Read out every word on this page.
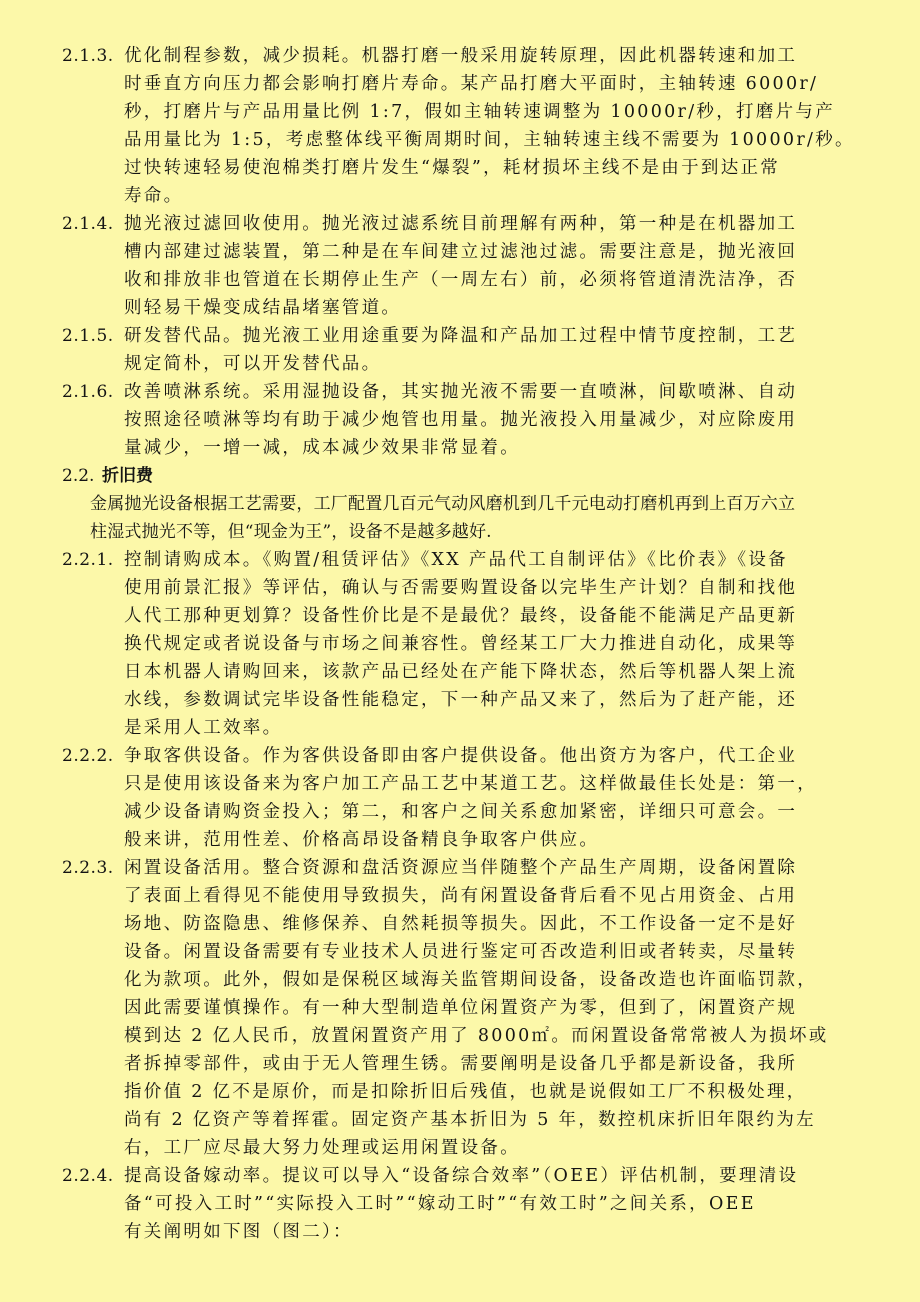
2.1.3. 优化制程参数，减少损耗。机器打磨一般采用旋转原理，因此机器转速和加工
时垂直方向压力都会影响打磨片寿命。某产品打磨大平面时，主轴转速 6000r/
秒，打磨片与产品用量比例 1:7，假如主轴转速调整为 10000r/秒，打磨片与产
品用量比为 1:5，考虑整体线平衡周期时间，主轴转速主线不需要为 10000r/秒。
过快转速轻易使泡棉类打磨片发生“爆裂”，耗材损坏主线不是由于到达正常
寿命。
2.1.4. 抛光液过滤回收使用。抛光液过滤系统目前理解有两种，第一种是在机器加工
槽内部建过滤装置，第二种是在车间建立过滤池过滤。需要注意是，抛光液回
收和排放非也管道在长期停止生产（一周左右）前，必须将管道清洗洁净，否
则轻易干燥变成结晶堵塞管道。
2.1.5. 研发替代品。抛光液工业用途重要为降温和产品加工过程中情节度控制，工艺
规定简朴，可以开发替代品。
2.1.6. 改善喷淋系统。采用湿抛设备，其实抛光液不需要一直喷淋，间歇喷淋、自动
按照途径喷淋等均有助于减少炮管也用量。抛光液投入用量减少，对应除废用
量减少，一增一减，成本减少效果非常显着。
2.2. 折旧费
金属抛光设备根据工艺需要，工厂配置几百元气动风磨机到几千元电动打磨机再到上百万六立
柱湿式抛光不等，但“现金为王”，设备不是越多越好.
2.2.1. 控制请购成本。《购置/租赁评估》《XX 产品代工自制评估》《比价表》《设备
使用前景汇报》等评估，确认与否需要购置设备以完毕生产计划？自制和找他
人代工那种更划算？设备性价比是不是最优？最终，设备能不能满足产品更新
换代规定或者说设备与市场之间兼容性。曾经某工厂大力推进自动化，成果等
日本机器人请购回来，该款产品已经处在产能下降状态，然后等机器人架上流
水线，参数调试完毕设备性能稳定，下一种产品又来了，然后为了赶产能，还
是采用人工效率。
2.2.2. 争取客供设备。作为客供设备即由客户提供设备。他出资方为客户，代工企业
只是使用该设备来为客户加工产品工艺中某道工艺。这样做最佳长处是：第一，
减少设备请购资金投入；第二，和客户之间关系愈加紧密，详细只可意会。一
般来讲，范用性差、价格高昂设备精良争取客户供应。
2.2.3. 闲置设备活用。整合资源和盘活资源应当伴随整个产品生产周期，设备闲置除
了表面上看得见不能使用导致损失，尚有闲置设备背后看不见占用资金、占用
场地、防盗隐患、维修保养、自然耗损等损失。因此，不工作设备一定不是好
设备。闲置设备需要有专业技术人员进行鉴定可否改造利旧或者转卖，尽量转
化为款项。此外，假如是保税区域海关监管期间设备，设备改造也许面临罚款，
因此需要谨慎操作。有一种大型制造单位闲置资产为零，但到了，闲置资产规
模到达 2 亿人民币，放置闲置资产用了 8000㎡。而闲置设备常常被人为损坏或
者拆掉零部件，或由于无人管理生锈。需要阐明是设备几乎都是新设备，我所
指价值 2 亿不是原价，而是扣除折旧后残值，也就是说假如工厂不积极处理，
尚有 2 亿资产等着挥霍。固定资产基本折旧为 5 年，数控机床折旧年限约为左
右，工厂应尽最大努力处理或运用闲置设备。
2.2.4. 提高设备嫁动率。提议可以导入“设备综合效率”（OEE）评估机制，要理清设
备“可投入工时”“实际投入工时”“嫁动工时”“有效工时”之间关系，OEE
有关阐明如下图（图二）：
